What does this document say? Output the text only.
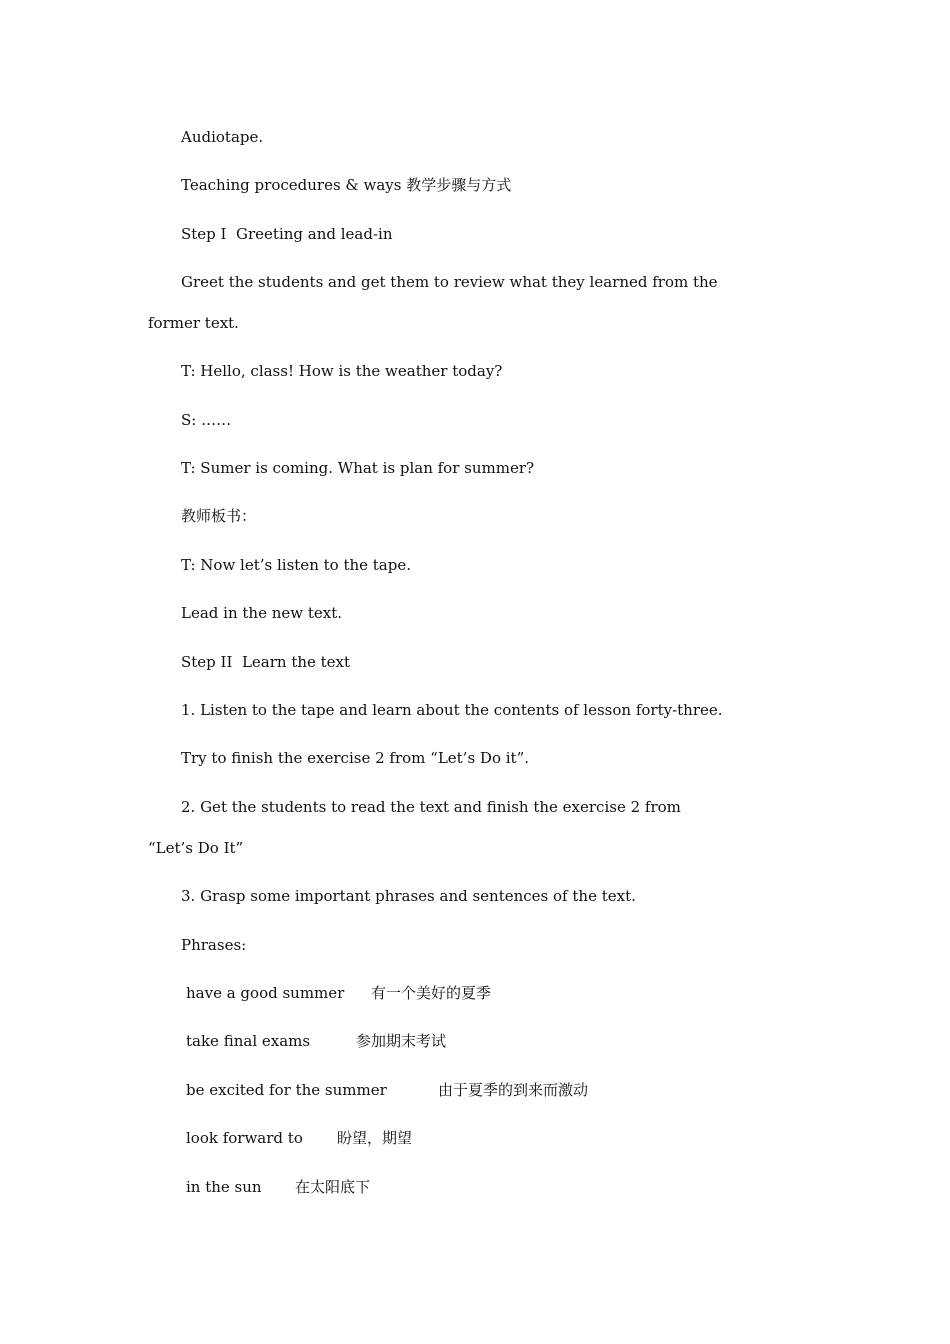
Audiotape.
Teaching procedures & ways 教学步骤与方式
Step I  Greeting and lead-in
Greet the students and get them to review what they learned from the
former text.
T: Hello, class! How is the weather today?
S: ……
T: Sumer is coming. What is plan for summer?
教师板书：
T: Now let’s listen to the tape.
Lead in the new text.
Step II  Learn the text
1. Listen to the tape and learn about the contents of lesson forty-three.
Try to finish the exercise 2 from “Let’s Do it”.
2. Get the students to read the text and finish the exercise 2 from
“Let’s Do It”
3. Grasp some important phrases and sentences of the text.
Phrases:
have a good summer 有一个美好的夏季
take final exams	参加期末考试
be excited for the summer	由于夏季的到来而激动
look forward to 盼望，期望
in the sun 在太阳底下
